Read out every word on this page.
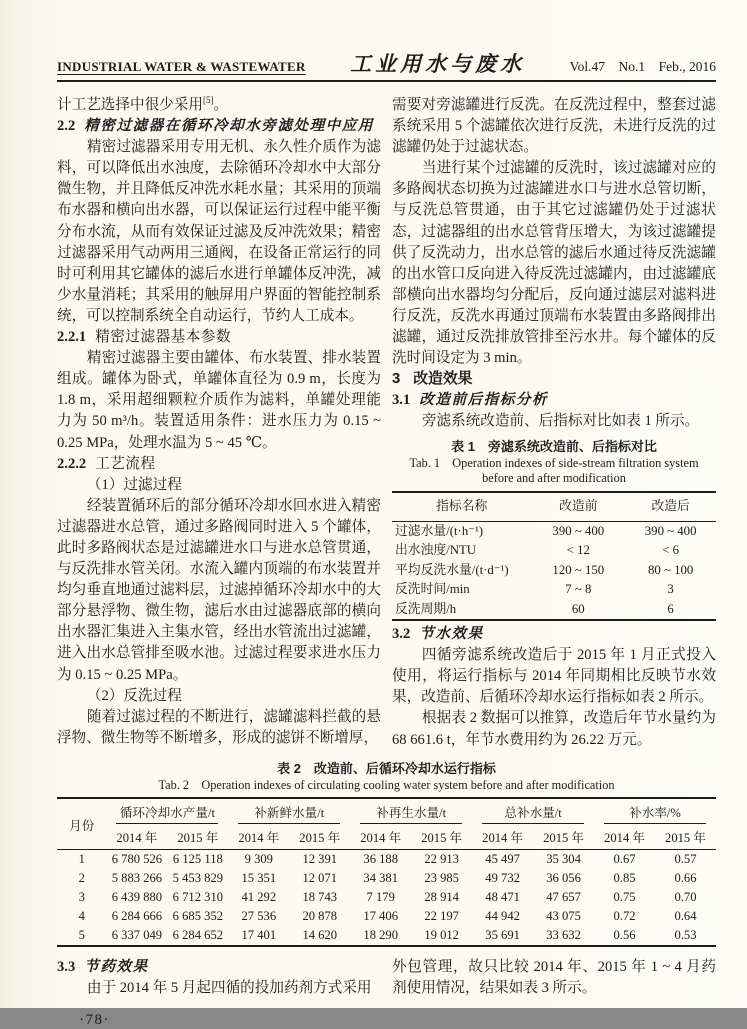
INDUSTRIAL WATER & WASTEWATER 工业用水与废水	Vol.47  No.1  Feb., 2016
计工艺选择中很少采用[5]。
2.2 精密过滤器在循环冷却水旁滤处理中应用
精密过滤器采用专用无机、永久性介质作为滤料，可以降低出水浊度，去除循环冷却水中大部分微生物，并且降低反冲洗水耗水量；其采用的顶端布水器和横向出水器，可以保证运行过程中能平衡分布水流，从而有效保证过滤及反冲洗效果；精密过滤器采用气动两用三通阀，在设备正常运行的同时可利用其它罐体的滤后水进行单罐体反冲洗，减少水量消耗；其采用的触屏用户界面的智能控制系统，可以控制系统全自动运行，节约人工成本。
2.2.1 精密过滤器基本参数
精密过滤器主要由罐体、布水装置、排水装置组成。罐体为卧式，单罐体直径为 0.9 m，长度为 1.8 m，采用超细颗粒介质作为滤料，单罐处理能力为 50 m³/h。装置适用条件：进水压力为 0.15 ~ 0.25 MPa，处理水温为 5 ~ 45 ℃。
2.2.2 工艺流程
（1）过滤过程
经装置循环后的部分循环冷却水回水进入精密过滤器进水总管，通过多路阀同时进入 5 个罐体，此时多路阀状态是过滤罐进水口与进水总管贯通，与反洗排水管关闭。水流入罐内顶端的布水装置并均匀垂直地通过滤料层，过滤掉循环冷却水中的大部分悬浮物、微生物，滤后水由过滤器底部的横向出水器汇集进入主集水管，经出水管流出过滤罐，进入出水总管排至吸水池。过滤过程要求进水压力为 0.15 ~ 0.25 MPa。
（2）反洗过程
随着过滤过程的不断进行，滤罐滤料拦截的悬浮物、微生物等不断增多，形成的滤饼不断增厚，
需要对旁滤罐进行反洗。在反洗过程中，整套过滤系统采用 5 个滤罐依次进行反洗，未进行反洗的过滤罐仍处于过滤状态。
当进行某个过滤罐的反洗时，该过滤罐对应的多路阀状态切换为过滤罐进水口与进水总管切断，与反洗总管贯通，由于其它过滤罐仍处于过滤状态，过滤器组的出水总管背压增大，为该过滤罐提供了反洗动力，出水总管的滤后水通过待反洗滤罐的出水管口反向进入待反洗过滤罐内，由过滤罐底部横向出水器均匀分配后，反向通过滤层对滤料进行反洗，反洗水再通过顶端布水装置由多路阀排出滤罐，通过反洗排放管排至污水井。每个罐体的反洗时间设定为 3 min。
3 改造效果
3.1 改造前后指标分析
旁滤系统改造前、后指标对比如表 1 所示。
表 1  旁滤系统改造前、后指标对比
Tab. 1  Operation indexes of side-stream filtration system
before and after modification
指标名称	改造前	改造后
过滤水量/(t·h⁻¹)	390 ~ 400	390 ~ 400
出水浊度/NTU	< 12	< 6
平均反洗水量/(t·d⁻¹)	120 ~ 150	80 ~ 100
反洗时间/min	7 ~ 8	3
反洗周期/h	60	6
3.2 节水效果
四循旁滤系统改造后于 2015 年 1 月正式投入使用，将运行指标与 2014 年同期相比反映节水效果，改造前、后循环冷却水运行指标如表 2 所示。
根据表 2 数据可以推算，改造后年节水量约为 68 661.6 t，年节水费用约为 26.22 万元。
表 2  改造前、后循环冷却水运行指标
Tab. 2  Operation indexes of circulating cooling water system before and after modification
月份	循环冷却水产量/t		补新鲜水量/t		补再生水量/t		总补水量/t		补水率/%	

	2014 年	2015 年	2014 年	2015 年	2014 年	2015 年	2014 年	2015 年	2014 年	2015 年
1	6 780 526	6 125 118	9 309	12 391	36 188	22 913	45 497	35 304	0.67	0.57
2	5 883 266	5 453 829	15 351	12 071	34 381	23 985	49 732	36 056	0.85	0.66
3	6 439 880	6 712 310	41 292	18 743	7 179	28 914	48 471	47 657	0.75	0.70
4	6 284 666	6 685 352	27 536	20 878	17 406	22 197	44 942	43 075	0.72	0.64
5	6 337 049	6 284 652	17 401	14 620	18 290	19 012	35 691	33 632	0.56	0.53
3.3 节药效果
由于 2014 年 5 月起四循的投加药剂方式采用
外包管理，故只比较 2014 年、2015 年 1 ~ 4 月药剂使用情况，结果如表 3 所示。
·78·
